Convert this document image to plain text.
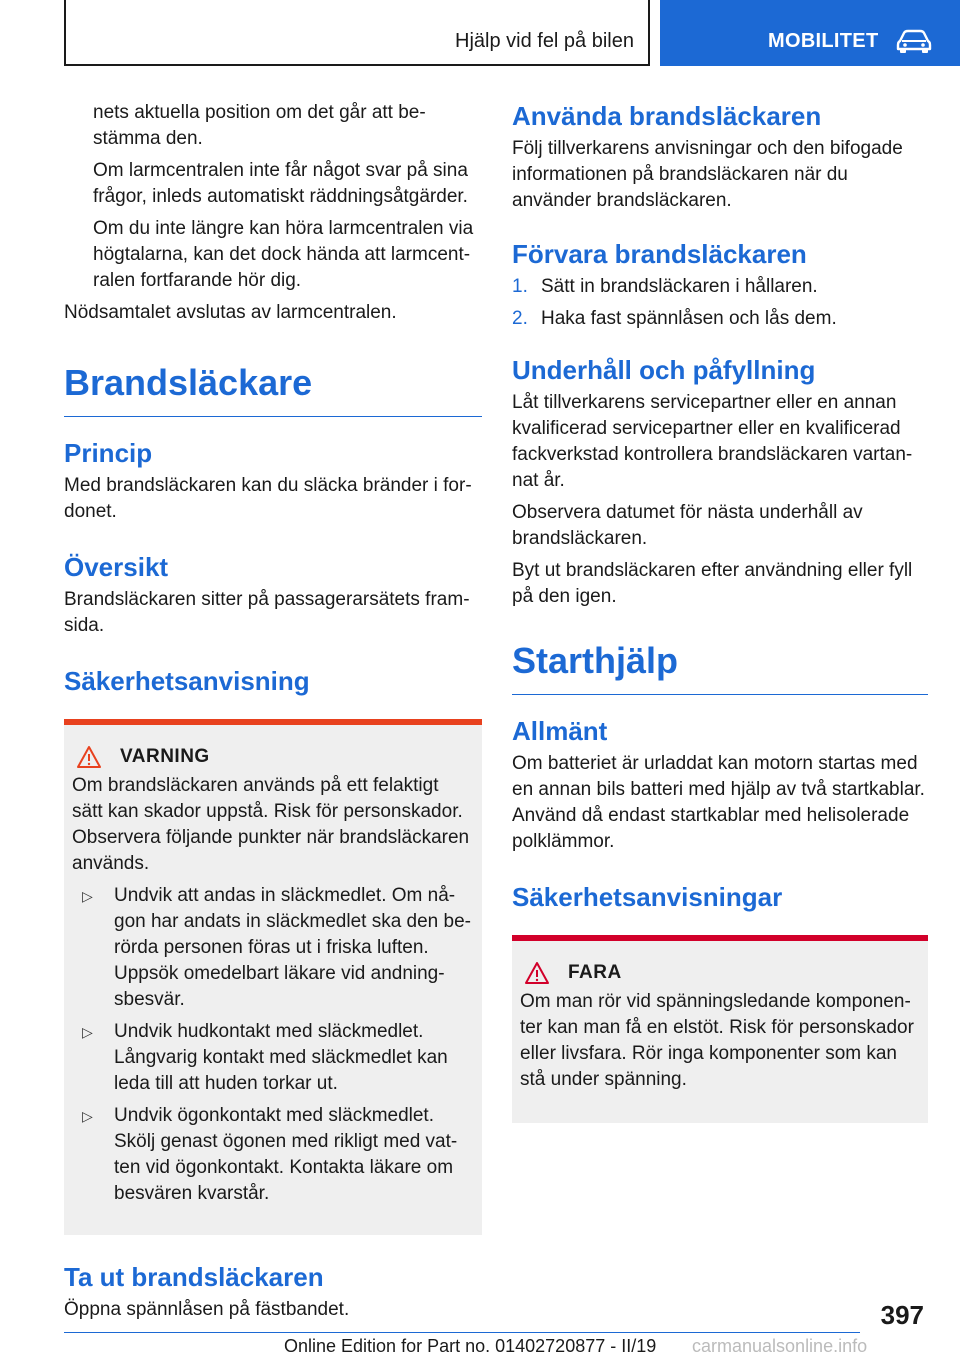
Hjälp vid fel på bilen	MOBILITET

nets aktuella position om det går att bestämma den.

Om larmcentralen inte får något svar på sina frågor, inleds automatiskt räddningsåtgärder.

Om du inte längre kan höra larmcentralen via högtalarna, kan det dock hända att larmcentralen fortfarande hör dig.

Nödsamtalet avslutas av larmcentralen.

Brandsläckare
Princip

Med brandsläckaren kan du släcka bränder i fordonet.

Översikt

Brandsläckaren sitter på passagerarsätets framsida.

Säkerhetsanvisning
VARNING

Om brandsläckaren används på ett felaktigt sätt kan skador uppstå. Risk för personskador. Observera följande punkter när brandsläckaren används.

▷	Undvik att andas in släckmedlet. Om någon har andats in släckmedlet ska den berörda personen föras ut i friska luften. Uppsök omedelbart läkare vid andningsbesvär.
▷	Undvik hudkontakt med släckmedlet. Långvarig kontakt med släckmedlet kan leda till att huden torkar ut.
▷	Undvik ögonkontakt med släckmedlet. Skölj genast ögonen med rikligt med vatten vid ögonkontakt. Kontakta läkare om besvären kvarstår.
Ta ut brandsläckaren

Öppna spännlåsen på fästbandet.

Använda brandsläckaren

Följ tillverkarens anvisningar och den bifogade informationen på brandsläckaren när du använder brandsläckaren.

Förvara brandsläckaren
1. Sätt in brandsläckaren i hållaren.
2. Haka fast spännlåsen och lås dem.
Underhåll och påfyllning

Låt tillverkarens servicepartner eller en annan kvalificerad servicepartner eller en kvalificerad fackverkstad kontrollera brandsläckaren vartannat år.

Observera datumet för nästa underhåll av brandsläckaren.

Byt ut brandsläckaren efter användning eller fyll på den igen.

Starthjälp
Allmänt

Om batteriet är urladdat kan motorn startas med en annan bils batteri med hjälp av två startkablar. Använd då endast startkablar med helisolerade polklämmor.

Säkerhetsanvisningar
FARA

Om man rör vid spänningsledande komponenter kan man få en elstöt. Risk för personskador eller livsfara. Rör inga komponenter som kan stå under spänning.

397
Online Edition for Part no. 01402720877 - II/19 carmanualsonline.info
